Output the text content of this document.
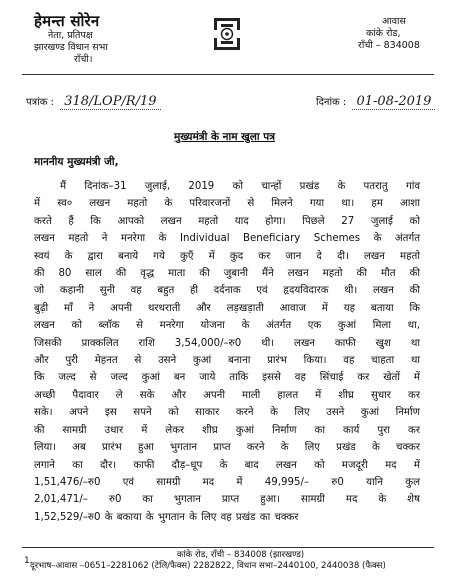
हेमन्त सोरेन
नेता, प्रतिपक्ष
झारखण्ड विधान सभा
राँची।
आवास
कांके रोड,
राँची – 834008
पत्रांक : 318/LOP/R/19	दिनांक : 01-08-2019
मुख्यमंत्री के नाम खुला पत्र
माननीय मुख्यमंत्री जी,
मैं दिनांक–31 जुलाई, 2019 को चान्हों प्रखंड के पतरातु गांव
में स्व० लखन महतो के परिवारजनों से मिलने गया था। हम आशा
करते हैं कि आपको लखन महतो याद होगा। पिछले 27 जुलाई को
लखन महतो ने मनरेगा के Individual Beneficiary Schemes के अंतर्गत
स्वयं के द्वारा बनाये गये कुएँ में कुद कर जान दे दी। लखन महतो
की 80 साल की वृद्ध माता की जुबानी मैंने लखन महतो की मौत की
जो कहानी सुनी वह बहुत ही दर्दनाक एवं हृदयविदारक थी। लखन की
बुढ़ी माँ ने अपनी थरथराती और लड़खड़ाती आवाज में यह बताया कि
लखन को ब्लॉक से मनरेगा योजना के अंतर्गत एक कुआं मिला था,
जिसकी प्राक्कलित राशि 3,54,000/–रु0 थी। लखन काफी खुश था
और पुरी मेहनत से उसने कुआं बनाना प्रारंभ किया। वह चाहता था
कि जल्द से जल्द कुआं बन जाये ताकि इससे वह सिंचाई कर खेतों में
अच्छी पैदावार ले सके और अपनी माली हालत में शीघ्र सुधार कर
सके। अपने इस सपने को साकार करने के लिए उसने कुआं निर्माण
की सामग्री उधार में लेकर शीघ्र कुआं निर्माण का कार्य पुरा कर
लिया। अब प्रारंभ हुआ भुगतान प्राप्त करने के लिए प्रखंड के चक्कर
लगाने का दौर। काफी दौड़–धूप के बाद लखन को मजदूरी मद में
1,51,476/–रु0 एवं सामग्री मद में 49,995/– रु0 यानि कुल
2,01,471/– रु0 का भुगतान प्राप्त हुआ। सामग्री मद के शेष
1,52,529/–रु0 के बकाया के भुगतान के लिए वह प्रखंड का चक्कर
1.
कांके रोड, राँची – 834008 (झारखण्ड)
दूरभाष–आवास –0651–2281062 (टेलि/फैक्स) 2282822, विधान सभा–2440100, 2440038 (फैक्स)
